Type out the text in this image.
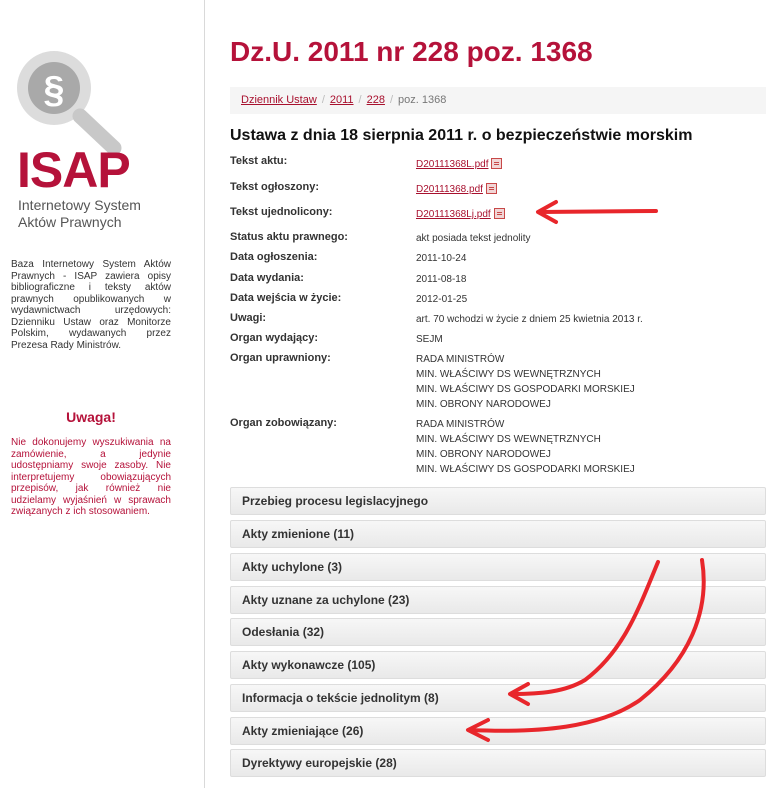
§
ISAP
Internetowy System
Aktów Prawnych
Baza Internetowy System Aktów Prawnych - ISAP zawiera opisy bibliograficzne i teksty aktów prawnych opublikowanych w wydawnictwach urzędowych: Dzienniku Ustaw oraz Monitorze Polskim, wydawanych przez Prezesa Rady Ministrów.
Uwaga!
Nie dokonujemy wyszukiwania na zamówienie, a jedynie udostępniamy swoje zasoby. Nie interpretujemy obowiązujących przepisów, jak również nie udzielamy wyjaśnień w sprawach związanych z ich stosowaniem.
Dz.U. 2011 nr 228 poz. 1368
Dziennik Ustaw / 2011 / 228 / poz. 1368
Ustawa z dnia 18 sierpnia 2011 r. o bezpieczeństwie morskim
Tekst aktu:	D20111368L.pdf
Tekst ogłoszony:	D20111368.pdf
Tekst ujednolicony:	D20111368Lj.pdf
Status aktu prawnego:	akt posiada tekst jednolity
Data ogłoszenia:	2011-10-24
Data wydania:	2011-08-18
Data wejścia w życie:	2012-01-25
Uwagi:	art. 70 wchodzi w życie z dniem 25 kwietnia 2013 r.
Organ wydający:	SEJM
Organ uprawniony:	RADA MINISTRÓW
MIN. WŁAŚCIWY DS WEWNĘTRZNYCH
MIN. WŁAŚCIWY DS GOSPODARKI MORSKIEJ
MIN. OBRONY NARODOWEJ
Organ zobowiązany:	RADA MINISTRÓW
MIN. WŁAŚCIWY DS WEWNĘTRZNYCH
MIN. OBRONY NARODOWEJ
MIN. WŁAŚCIWY DS GOSPODARKI MORSKIEJ
Przebieg procesu legislacyjnego
Akty zmienione (11)
Akty uchylone (3)
Akty uznane za uchylone (23)
Odesłania (32)
Akty wykonawcze (105)
Informacja o tekście jednolitym (8)
Akty zmieniające (26)
Dyrektywy europejskie (28)
